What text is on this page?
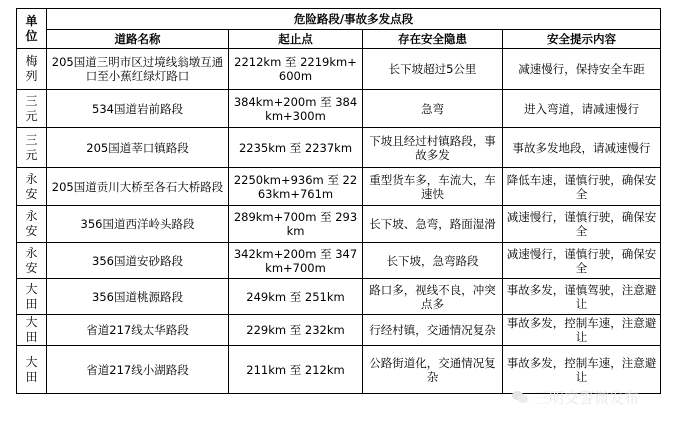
单位	危险路段/事故多发点段			
	道路名称	起止点	存在安全隐患	安全提示内容
梅列	205国道三明市区过境线翁墩互通口至小蕉红绿灯路口	2212km 至 2219km+600m	长下坡超过5公里	减速慢行，保持安全车距
三元	534国道岩前路段	384km+200m 至 384km+300m	急弯	进入弯道，请减速慢行
三元	205国道莘口镇路段	2235km 至 2237km	下坡且经过村镇路段，事故多发	事故多发地段，请减速慢行
永安	205国道贡川大桥至各石大桥路段	2250km+936m 至 2263km+761m	重型货车多，车流大，车速快	降低车速，谨慎行驶，确保安全
永安	356国道西洋岭头路段	289km+700m 至 293km	长下坡、急弯，路面湿滑	减速慢行，谨慎行驶，确保安全
永安	356国道安砂路段	342km+200m 至 347km+700m	长下坡，急弯路段	减速慢行，谨慎行驶，确保安全
大田	356国道桃源路段	249km 至 251km	路口多，视线不良，冲突点多	事故多发，谨慎驾驶，注意避让
大田	省道217线太华路段	229km 至 232km	行经村镇，交通情况复杂	事故多发，控制车速，注意避让
大田	省道217线小湖路段	211km 至 212km	公路街道化，交通情况复杂	事故多发，控制车速，注意避让
三明交警微发布
